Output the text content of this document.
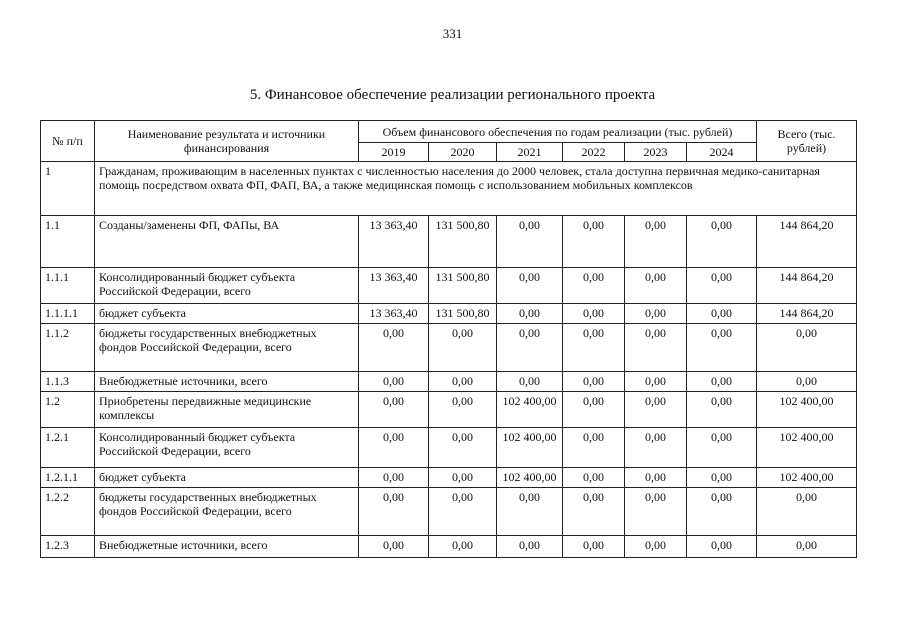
331
5. Финансовое обеспечение реализации регионального проекта
№ п/п	Наименование результата и источники финансирования	Объем финансового обеспечения по годам реализации (тыс. рублей)						Всего (тыс. рублей)
		2019	2020	2021	2022	2023	2024	
1	Гражданам, проживающим в населенных пунктах с численностью населения до 2000 человек, стала доступна первичная медико-санитарная помощь посредством охвата ФП, ФАП, ВА, а также медицинская помощь с использованием мобильных комплексов							
1.1	Созданы/заменены ФП, ФАПы, ВА	13 363,40	131 500,80	0,00	0,00	0,00	0,00	144 864,20
1.1.1	Консолидированный бюджет субъекта Российской Федерации, всего	13 363,40	131 500,80	0,00	0,00	0,00	0,00	144 864,20
1.1.1.1	бюджет субъекта	13 363,40	131 500,80	0,00	0,00	0,00	0,00	144 864,20
1.1.2	бюджеты государственных внебюджетных фондов Российской Федерации, всего	0,00	0,00	0,00	0,00	0,00	0,00	0,00
1.1.3	Внебюджетные источники, всего	0,00	0,00	0,00	0,00	0,00	0,00	0,00
1.2	Приобретены передвижные медицинские комплексы	0,00	0,00	102 400,00	0,00	0,00	0,00	102 400,00
1.2.1	Консолидированный бюджет субъекта Российской Федерации, всего	0,00	0,00	102 400,00	0,00	0,00	0,00	102 400,00
1.2.1.1	бюджет субъекта	0,00	0,00	102 400,00	0,00	0,00	0,00	102 400,00
1.2.2	бюджеты государственных внебюджетных фондов Российской Федерации, всего	0,00	0,00	0,00	0,00	0,00	0,00	0,00
1.2.3	Внебюджетные источники, всего	0,00	0,00	0,00	0,00	0,00	0,00	0,00
